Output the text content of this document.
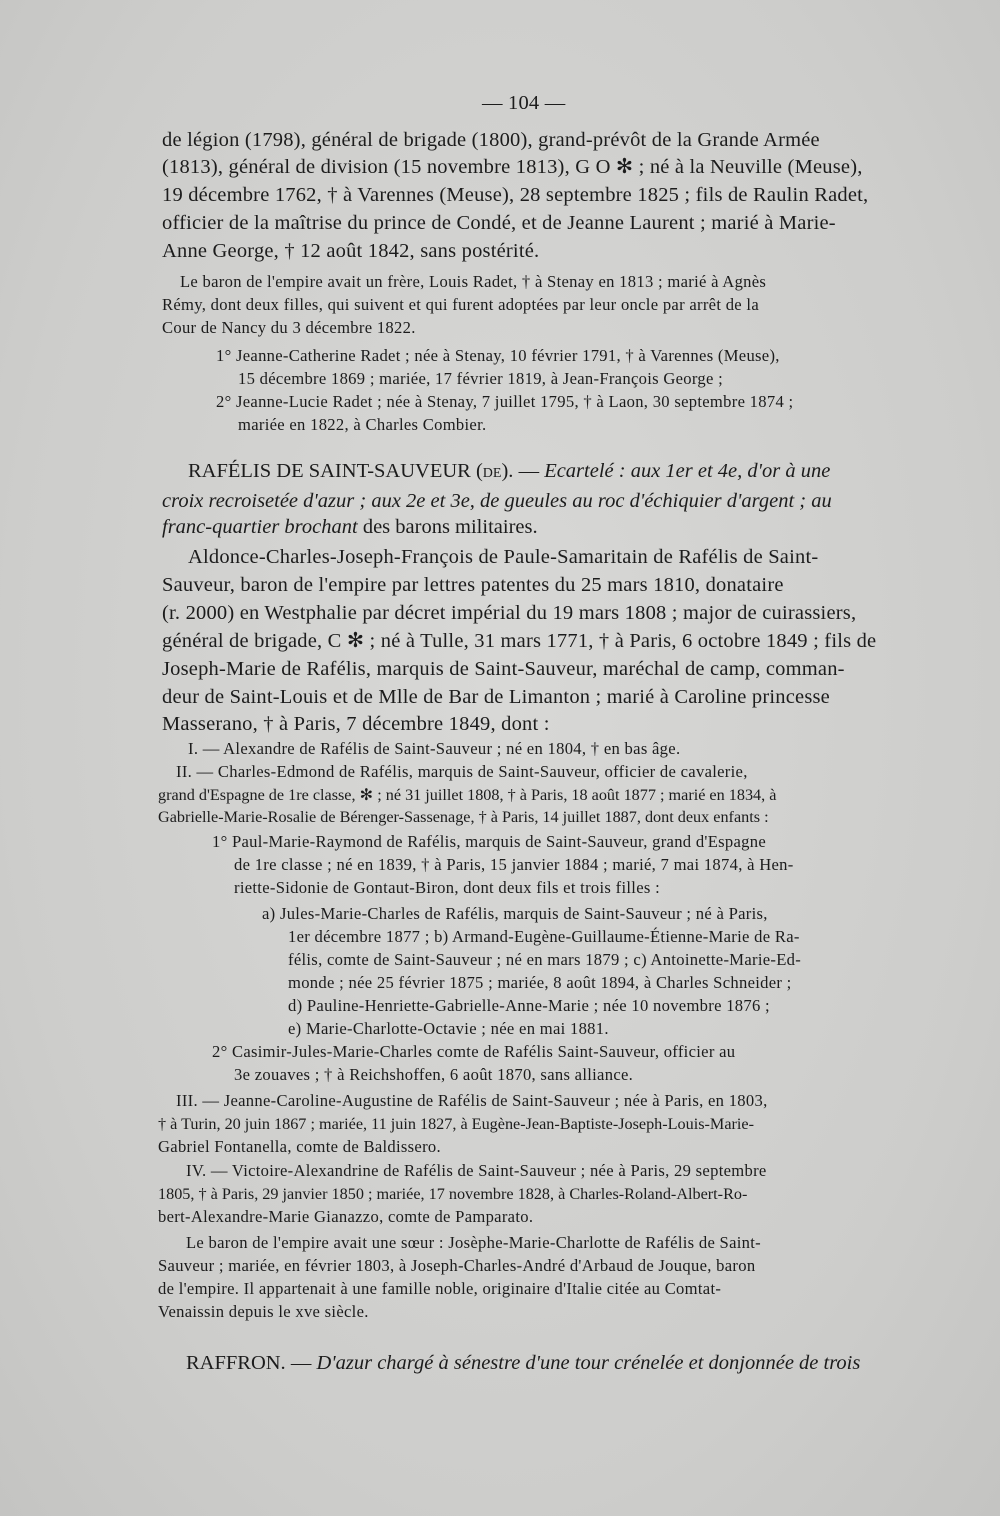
— 104 —
de légion (1798), général de brigade (1800), grand-prévôt de la Grande Armée
(1813), général de division (15 novembre 1813), G O ✻ ; né à la Neuville (Meuse),
19 décembre 1762, † à Varennes (Meuse), 28 septembre 1825 ; fils de Raulin Radet,
officier de la maîtrise du prince de Condé, et de Jeanne Laurent ; marié à Marie-
Anne George, † 12 août 1842, sans postérité.
Le baron de l'empire avait un frère, Louis Radet, † à Stenay en 1813 ; marié à Agnès
Rémy, dont deux filles, qui suivent et qui furent adoptées par leur oncle par arrêt de la
Cour de Nancy du 3 décembre 1822.
1° Jeanne-Catherine Radet ; née à Stenay, 10 février 1791, † à Varennes (Meuse),
15 décembre 1869 ; mariée, 17 février 1819, à Jean-François George ;
2° Jeanne-Lucie Radet ; née à Stenay, 7 juillet 1795, † à Laon, 30 septembre 1874 ;
mariée en 1822, à Charles Combier.
RAFÉLIS DE SAINT-SAUVEUR (de). — Ecartelé : aux 1er et 4e, d'or à une
croix recroisetée d'azur ; aux 2e et 3e, de gueules au roc d'échiquier d'argent ; au
franc-quartier brochant des barons militaires.
Aldonce-Charles-Joseph-François de Paule-Samaritain de Rafélis de Saint-
Sauveur, baron de l'empire par lettres patentes du 25 mars 1810, donataire
(r. 2000) en Westphalie par décret impérial du 19 mars 1808 ; major de cuirassiers,
général de brigade, C ✻ ; né à Tulle, 31 mars 1771, † à Paris, 6 octobre 1849 ; fils de
Joseph-Marie de Rafélis, marquis de Saint-Sauveur, maréchal de camp, comman-
deur de Saint-Louis et de Mlle de Bar de Limanton ; marié à Caroline princesse
Masserano, † à Paris, 7 décembre 1849, dont :
I. — Alexandre de Rafélis de Saint-Sauveur ; né en 1804, † en bas âge.
II. — Charles-Edmond de Rafélis, marquis de Saint-Sauveur, officier de cavalerie,
grand d'Espagne de 1re classe, ✻ ; né 31 juillet 1808, † à Paris, 18 août 1877 ; marié en 1834, à
Gabrielle-Marie-Rosalie de Bérenger-Sassenage, † à Paris, 14 juillet 1887, dont deux enfants :
1° Paul-Marie-Raymond de Rafélis, marquis de Saint-Sauveur, grand d'Espagne
de 1re classe ; né en 1839, † à Paris, 15 janvier 1884 ; marié, 7 mai 1874, à Hen-
riette-Sidonie de Gontaut-Biron, dont deux fils et trois filles :
a) Jules-Marie-Charles de Rafélis, marquis de Saint-Sauveur ; né à Paris,
1er décembre 1877 ; b) Armand-Eugène-Guillaume-Étienne-Marie de Ra-
félis, comte de Saint-Sauveur ; né en mars 1879 ; c) Antoinette-Marie-Ed-
monde ; née 25 février 1875 ; mariée, 8 août 1894, à Charles Schneider ;
d) Pauline-Henriette-Gabrielle-Anne-Marie ; née 10 novembre 1876 ;
e) Marie-Charlotte-Octavie ; née en mai 1881.
2° Casimir-Jules-Marie-Charles comte de Rafélis Saint-Sauveur, officier au
3e zouaves ; † à Reichshoffen, 6 août 1870, sans alliance.
III. — Jeanne-Caroline-Augustine de Rafélis de Saint-Sauveur ; née à Paris, en 1803,
† à Turin, 20 juin 1867 ; mariée, 11 juin 1827, à Eugène-Jean-Baptiste-Joseph-Louis-Marie-
Gabriel Fontanella, comte de Baldissero.
IV. — Victoire-Alexandrine de Rafélis de Saint-Sauveur ; née à Paris, 29 septembre
1805, † à Paris, 29 janvier 1850 ; mariée, 17 novembre 1828, à Charles-Roland-Albert-Ro-
bert-Alexandre-Marie Gianazzo, comte de Pamparato.
Le baron de l'empire avait une sœur : Josèphe-Marie-Charlotte de Rafélis de Saint-
Sauveur ; mariée, en février 1803, à Joseph-Charles-André d'Arbaud de Jouque, baron
de l'empire. Il appartenait à une famille noble, originaire d'Italie citée au Comtat-
Venaissin depuis le xve siècle.
RAFFRON. — D'azur chargé à sénestre d'une tour crénelée et donjonnée de trois
